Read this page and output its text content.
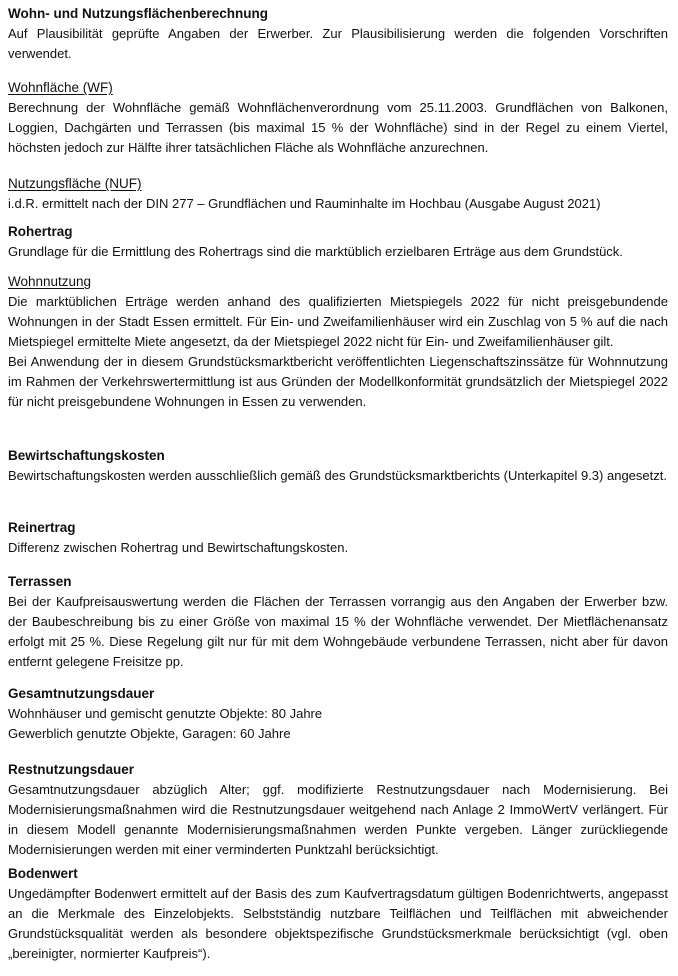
Wohn- und Nutzungsflächenberechnung

Auf Plausibilität geprüfte Angaben der Erwerber. Zur Plausibilisierung werden die folgenden Vorschriften verwendet.

Wohnfläche (WF)

Berechnung der Wohnfläche gemäß Wohnflächenverordnung vom 25.11.2003. Grundflächen von Balkonen, Loggien, Dachgärten und Terrassen (bis maximal 15 % der Wohnfläche) sind in der Regel zu einem Viertel, höchsten jedoch zur Hälfte ihrer tatsächlichen Fläche als Wohnfläche anzurechnen.

Nutzungsfläche (NUF)

i.d.R. ermittelt nach der DIN 277 – Grundflächen und Rauminhalte im Hochbau (Ausgabe August 2021)

Rohertrag

Grundlage für die Ermittlung des Rohertrags sind die marktüblich erzielbaren Erträge aus dem Grundstück.

Wohnnutzung

Die marktüblichen Erträge werden anhand des qualifizierten Mietspiegels 2022 für nicht preisgebundende Wohnungen in der Stadt Essen ermittelt. Für Ein- und Zweifamilienhäuser wird ein Zuschlag von 5 % auf die nach Mietspiegel ermittelte Miete angesetzt, da der Mietspiegel 2022 nicht für Ein- und Zweifamilienhäuser gilt.

Bei Anwendung der in diesem Grundstücksmarktbericht veröffentlichten Liegenschaftszinssätze für Wohnnutzung im Rahmen der Verkehrswertermittlung ist aus Gründen der Modellkonformität grundsätzlich der Mietspiegel 2022 für nicht preisgebundene Wohnungen in Essen zu verwenden.

Bewirtschaftungskosten

Bewirtschaftungskosten werden ausschließlich gemäß des Grundstücksmarktberichts (Unterkapitel 9.3) angesetzt.

Reinertrag

Differenz zwischen Rohertrag und Bewirtschaftungskosten.

Terrassen

Bei der Kaufpreisauswertung werden die Flächen der Terrassen vorrangig aus den Angaben der Erwerber bzw. der Baubeschreibung bis zu einer Größe von maximal 15 % der Wohnfläche verwendet. Der Mietflächenansatz erfolgt mit 25 %. Diese Regelung gilt nur für mit dem Wohngebäude verbundene Terrassen, nicht aber für davon entfernt gelegene Freisitze pp.

Gesamtnutzungsdauer

Wohnhäuser und gemischt genutzte Objekte: 80 Jahre

Gewerblich genutzte Objekte, Garagen: 60 Jahre

Restnutzungsdauer

Gesamtnutzungsdauer abzüglich Alter; ggf. modifizierte Restnutzungsdauer nach Modernisierung. Bei Modernisierungsmaßnahmen wird die Restnutzungsdauer weitgehend nach Anlage 2 ImmoWertV verlängert. Für in diesem Modell genannte Modernisierungsmaßnahmen werden Punkte vergeben. Länger zurückliegende Modernisierungen werden mit einer verminderten Punktzahl berücksichtigt.

Bodenwert

Ungedämpfter Bodenwert ermittelt auf der Basis des zum Kaufvertragsdatum gültigen Bodenrichtwerts, angepasst an die Merkmale des Einzelobjekts. Selbstständig nutzbare Teilflächen und Teilflächen mit abweichender Grundstücksqualität werden als besondere objektspezifische Grundstücksmerkmale berücksichtigt (vgl. oben „bereinigter, normierter Kaufpreis“).
